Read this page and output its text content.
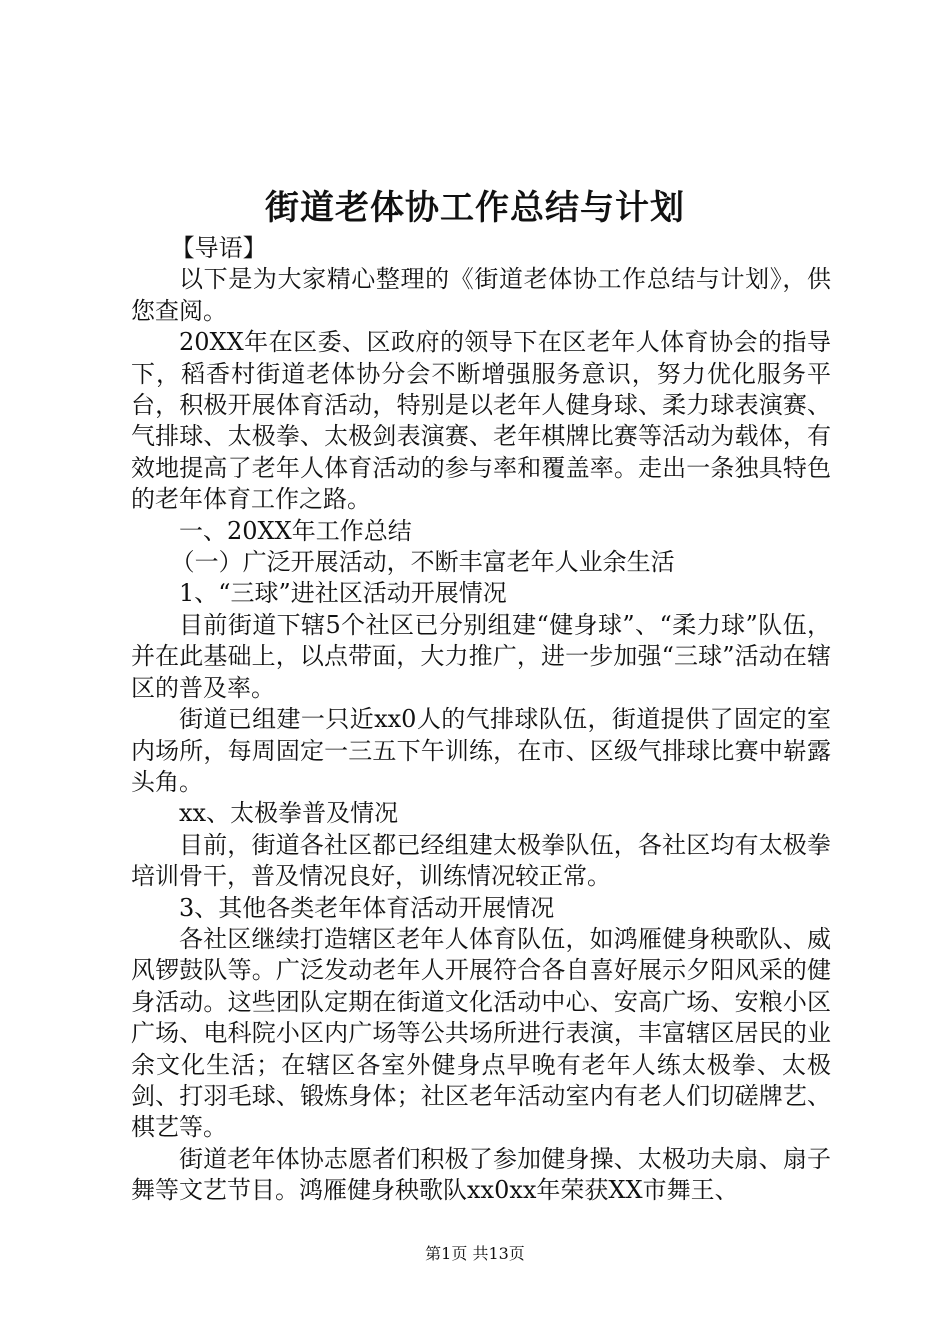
街道老体协工作总结与计划

【导语】

以下是为大家精心整理的《街道老体协工作总结与计划》，供您查阅。

20XX年在区委、区政府的领导下在区老年人体育协会的指导下，稻香村街道老体协分会不断增强服务意识，努力优化服务平台，积极开展体育活动，特别是以老年人健身球、柔力球表演赛、气排球、太极拳、太极剑表演赛、老年棋牌比赛等活动为载体，有效地提高了老年人体育活动的参与率和覆盖率。走出一条独具特色的老年体育工作之路。

一、20XX年工作总结

（一）广泛开展活动，不断丰富老年人业余生活

1、“三球”进社区活动开展情况

目前街道下辖5个社区已分别组建“健身球”、“柔力球”队伍，并在此基础上，以点带面，大力推广，进一步加强“三球”活动在辖区的普及率。

街道已组建一只近xx0人的气排球队伍，街道提供了固定的室内场所，每周固定一三五下午训练，在市、区级气排球比赛中崭露头角。

xx、太极拳普及情况

目前，街道各社区都已经组建太极拳队伍，各社区均有太极拳培训骨干，普及情况良好，训练情况较正常。

3、其他各类老年体育活动开展情况

各社区继续打造辖区老年人体育队伍，如鸿雁健身秧歌队、威风锣鼓队等。广泛发动老年人开展符合各自喜好展示夕阳风采的健身活动。这些团队定期在街道文化活动中心、安高广场、安粮小区广场、电科院小区内广场等公共场所进行表演，丰富辖区居民的业余文化生活；在辖区各室外健身点早晚有老年人练太极拳、太极剑、打羽毛球、锻炼身体；社区老年活动室内有老人们切磋牌艺、棋艺等。

街道老年体协志愿者们积极了参加健身操、太极功夫扇、扇子舞等文艺节目。鸿雁健身秧歌队xx0xx年荣获XX市舞王、

第1页 共13页
